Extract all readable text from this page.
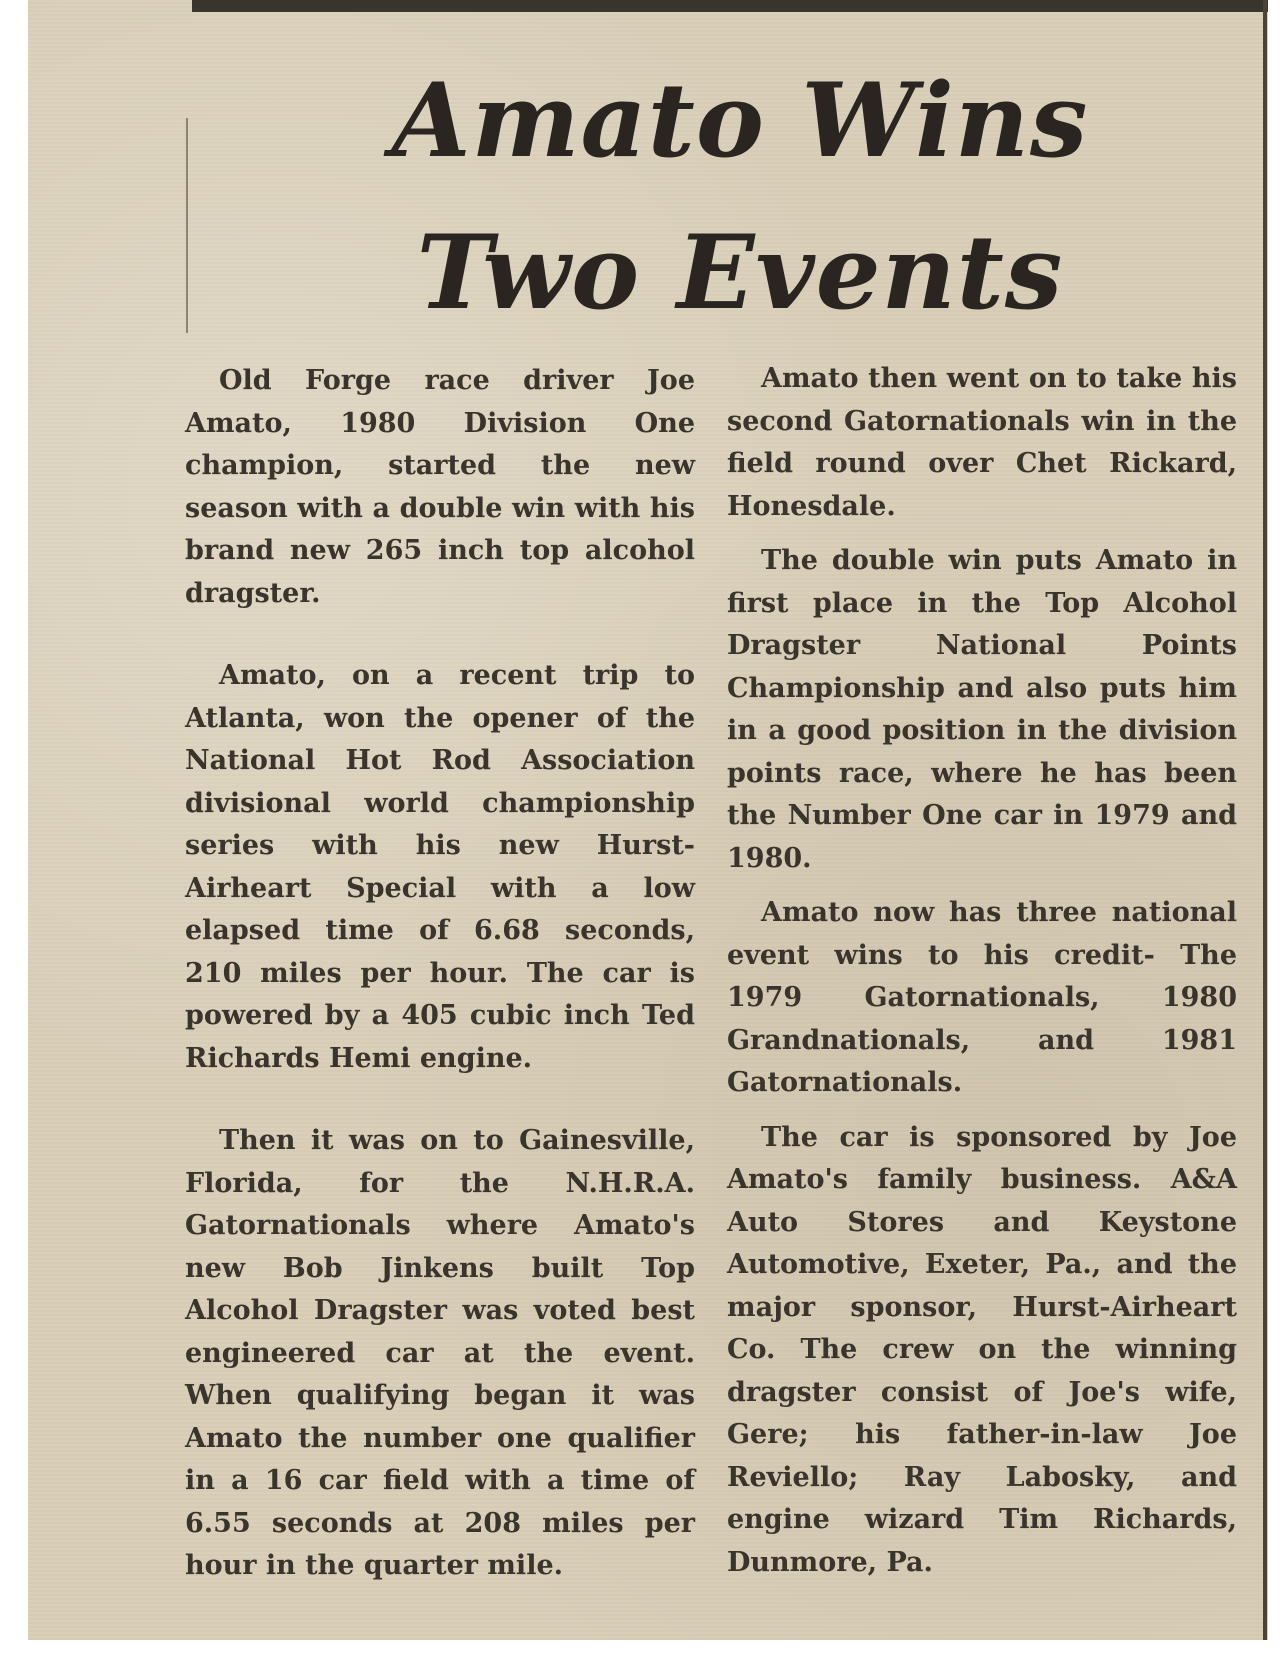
Amato Wins
Two Events

Old Forge race driver Joe Amato, 1980 Division One champion, started the new season with a double win with his brand new 265 inch top alcohol dragster.

Amato, on a recent trip to Atlanta, won the opener of the National Hot Rod Association divisional world championship series with his new Hurst-Airheart Special with a low elapsed time of 6.68 seconds, 210 miles per hour. The car is powered by a 405 cubic inch Ted Richards Hemi engine.

Then it was on to Gainesville, Florida, for the N.H.R.A. Gatornationals where Amato's new Bob Jinkens built Top Alcohol Dragster was voted best engineered car at the event. When qualifying began it was Amato the number one qualifier in a 16 car field with a time of 6.55 seconds at 208 miles per hour in the quarter mile.

Amato then went on to take his second Gatornationals win in the field round over Chet Rickard, Honesdale.

The double win puts Amato in first place in the Top Alcohol Dragster National Points Championship and also puts him in a good position in the division points race, where he has been the Number One car in 1979 and 1980.

Amato now has three national event wins to his credit- The 1979 Gatornationals, 1980 Grandnationals, and 1981 Gatornationals.

The car is sponsored by Joe Amato's family business. A&A Auto Stores and Keystone Automotive, Exeter, Pa., and the major sponsor, Hurst-Airheart Co. The crew on the winning dragster consist of Joe's wife, Gere; his father-in-law Joe Reviello; Ray Labosky, and engine wizard Tim Richards, Dunmore, Pa.
